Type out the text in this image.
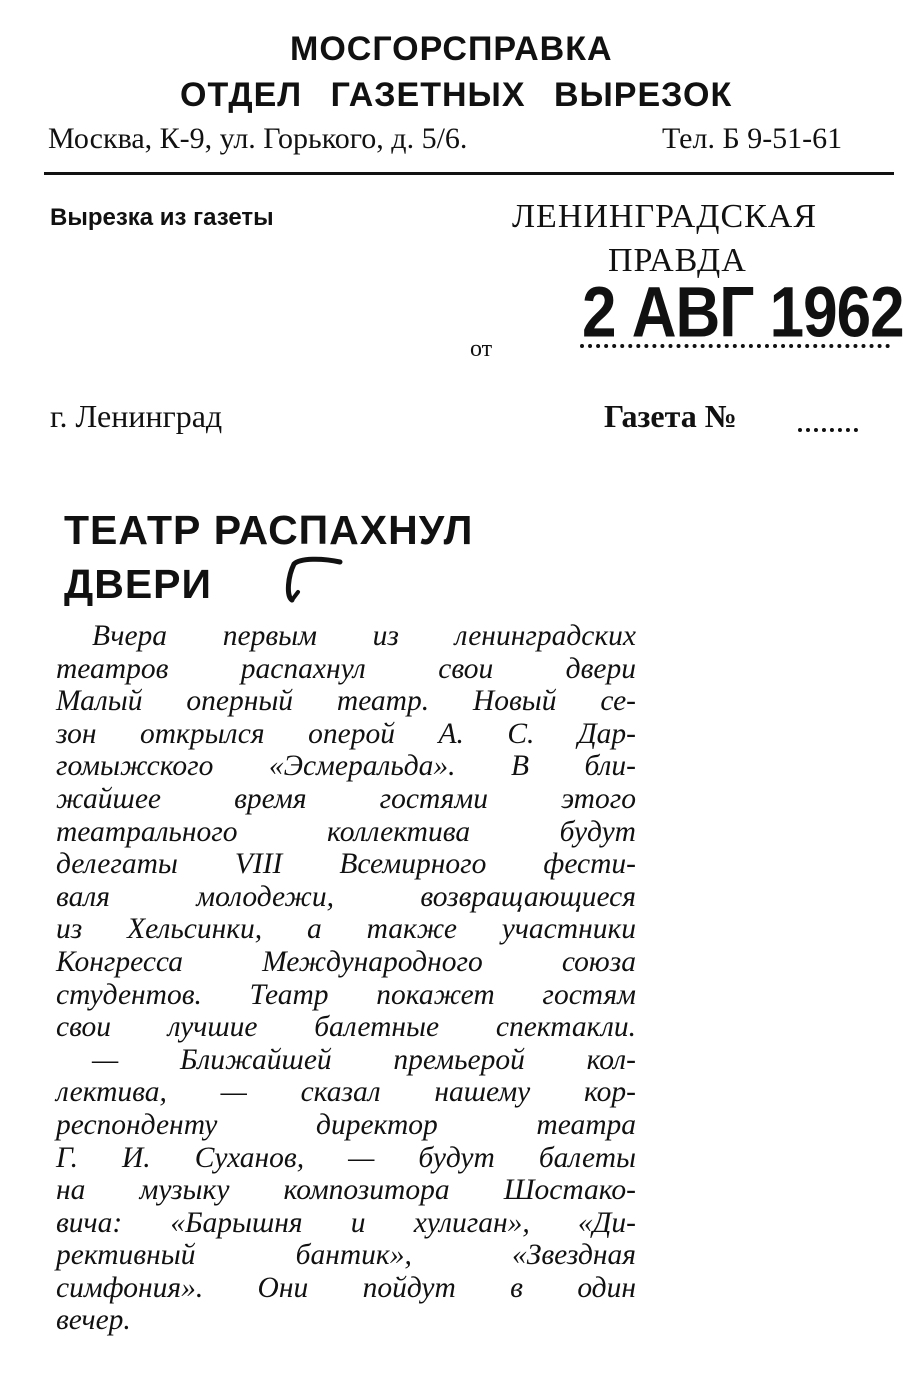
МОСГОРСПРАВКА
ОТДЕЛ ГАЗЕТНЫХ ВЫРЕЗОК
Москва, К-9, ул. Горького, д. 5/6.	Тел. Б 9-51-61
Вырезка из газеты	ЛЕНИНГРАДСКАЯ
ПРАВДА
2 АВГ 1962
от
г. Ленинград	Газета №
ТЕАТР РАСПАХНУЛ
ДВЕРИ
Вчера первым из ленинградских
театров распахнул свои двери
Малый оперный театр. Новый се-
зон открылся оперой А. С. Дар-
гомыжского «Эсмеральда». В бли-
жайшее время гостями этого
театрального коллектива будут
делегаты VIII Всемирного фести-
валя молодежи, возвращающиеся
из Хельсинки, а также участники
Конгресса Международного союза
студентов. Театр покажет гостям
свои лучшие балетные спектакли.
— Ближайшей премьерой кол-
лектива, — сказал нашему кор-
респонденту директор театра
Г. И. Суханов, — будут балеты
на музыку композитора Шостако-
вича: «Барышня и хулиган», «Ди-
рективный бантик», «Звездная
симфония». Они пойдут в один
вечер.
